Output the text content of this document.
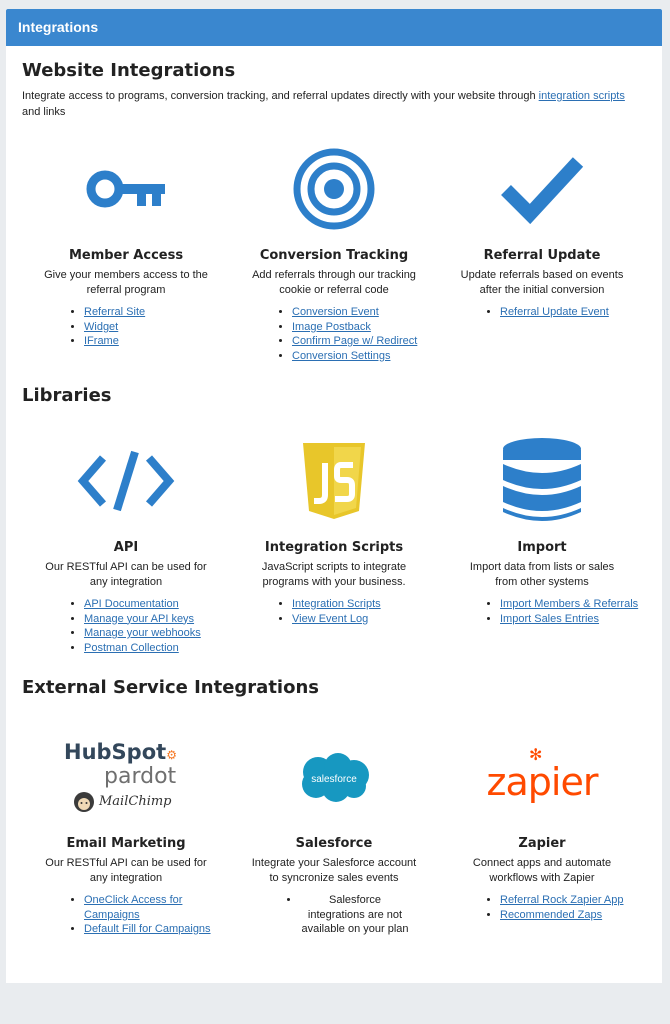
Integrations
Website Integrations
Integrate access to programs, conversion tracking, and referral updates directly with your website through integration scripts and links
Member Access
Give your members access to the referral program
• Referral Site
• Widget
• IFrame
Conversion Tracking
Add referrals through our tracking cookie or referral code
• Conversion Event
• Image Postback
• Confirm Page w/ Redirect
• Conversion Settings
Referral Update
Update referrals based on events after the initial conversion
• Referral Update Event
Libraries
API
Our RESTful API can be used for any integration
• API Documentation
• Manage your API keys
• Manage your webhooks
• Postman Collection
Integration Scripts
JavaScript scripts to integrate programs with your business.
• Integration Scripts
• View Event Log
Import
Import data from lists or sales from other systems
• Import Members & Referrals
• Import Sales Entries
External Service Integrations
HubSpot⚙
pardot
MailChimp
Email Marketing
Our RESTful API can be used for any integration
• OneClick Access for Campaigns
• Default Fill for Campaigns
salesforce
Salesforce
Integrate your Salesforce account to syncronize sales events
• Salesforce integrations are not available on your plan
✻
zapier
Zapier
Connect apps and automate workflows with Zapier
• Referral Rock Zapier App
• Recommended Zaps
